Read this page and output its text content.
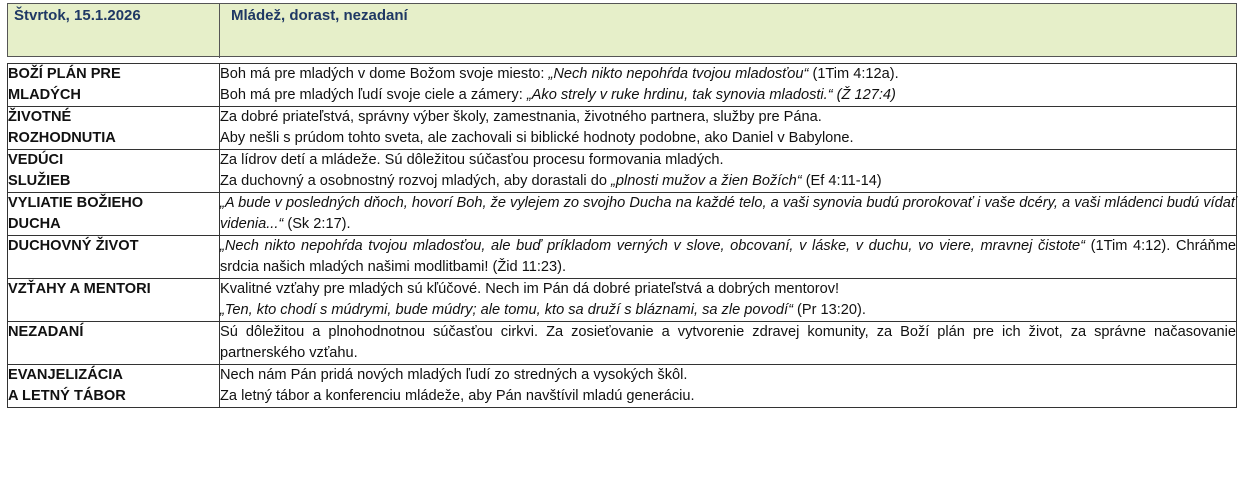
Štvrtok, 15.1.2026	Mládež, dorast, nezadaní
BOŽÍ PLÁN PRE
MLADÝCH	Boh má pre mladých v dome Božom svoje miesto: „Nech nikto nepohŕda tvojou mladosťou“ (1Tim 4:12a).
Boh má pre mladých ľudí svoje ciele a zámery: „Ako strely v ruke hrdinu, tak synovia mladosti.“ (Ž 127:4)

ŽIVOTNÉ
ROZHODNUTIA	Za dobré priateľstvá, správny výber školy, zamestnania, životného partnera, služby pre Pána.
Aby nešli s prúdom tohto sveta, ale zachovali si biblické hodnoty podobne, ako Daniel v Babylone.

VEDÚCI
SLUŽIEB	Za lídrov detí a mládeže. Sú dôležitou súčasťou procesu formovania mladých.
Za duchovný a osobnostný rozvoj mladých, aby dorastali do „plnosti mužov a žien Božích“ (Ef 4:11-14)

VYLIATIE BOŽIEHO
DUCHA	„A bude v posledných dňoch, hovorí Boh, že vylejem zo svojho Ducha na každé telo, a vaši synovia budú prorokovať i vaše dcéry, a vaši mládenci budú vídať videnia...“ (Sk 2:17).

DUCHOVNÝ ŽIVOT	„Nech nikto nepohŕda tvojou mladosťou, ale buď príkladom verných v slove, obcovaní, v láske, v duchu, vo viere, mravnej čistote“ (1Tim 4:12). Chráňme srdcia našich mladých našimi modlitbami! (Žid 11:23).

VZŤAHY A MENTORI	Kvalitné vzťahy pre mladých sú kľúčové. Nech im Pán dá dobré priateľstvá a dobrých mentorov!
„Ten, kto chodí s múdrymi, bude múdry; ale tomu, kto sa druží s bláznami, sa zle povodí“ (Pr 13:20).

NEZADANÍ	Sú dôležitou a plnohodnotnou súčasťou cirkvi. Za zosieťovanie a vytvorenie zdravej komunity, za Boží plán pre ich život, za správne načasovanie partnerského vzťahu.

EVANJELIZÁCIA
A LETNÝ TÁBOR	Nech nám Pán pridá nových mladých ľudí zo stredných a vysokých škôl.
Za letný tábor a konferenciu mládeže, aby Pán navštívil mladú generáciu.
